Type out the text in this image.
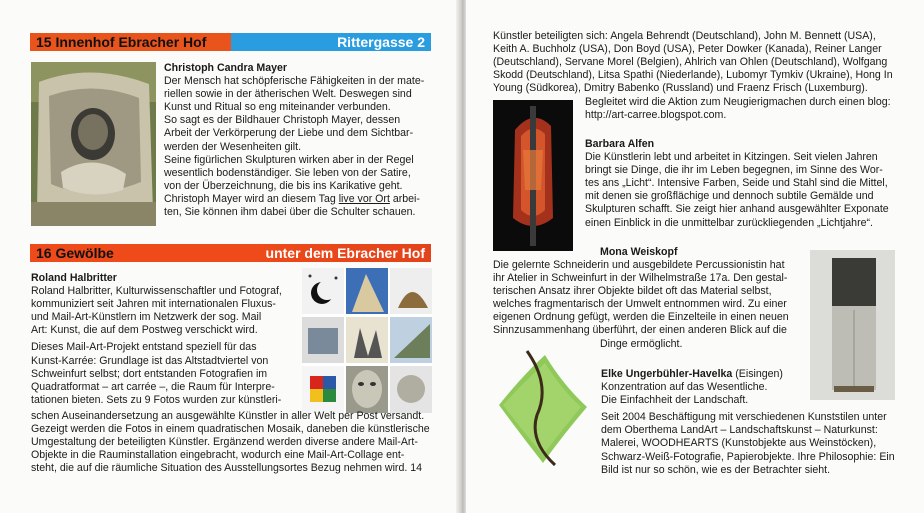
15 Innenhof Ebracher Hof	Rittergasse 2

Christoph Candra Mayer

Der Mensch hat schöpferische Fähigkeiten in der mate-

riellen sowie in der ätherischen Welt. Deswegen sind

Kunst und Ritual so eng miteinander verbunden.

So sagt es der Bildhauer Christoph Mayer, dessen

Arbeit der Verkörperung der Liebe und dem Sichtbar-

werden der Wesenheiten gilt.

Seine figürlichen Skulpturen wirken aber in der Regel

wesentlich bodenständiger. Sie leben von der Satire,

von der Überzeichnung, die bis ins Karikative geht.

Christoph Mayer wird an diesem Tag live vor Ort arbei-

ten, Sie können ihm dabei über die Schulter schauen.

16 Gewölbe	unter dem Ebracher Hof

Roland Halbritter

Roland Halbritter, Kulturwissenschaftler und Fotograf,

kommuniziert seit Jahren mit internationalen Fluxus-

und Mail-Art-Künstlern im Netzwerk der sog. Mail

Art: Kunst, die auf dem Postweg verschickt wird.

Dieses Mail-Art-Projekt entstand speziell für das

Kunst-Karrée: Grundlage ist das Altstadtviertel von

Schweinfurt selbst; dort entstanden Fotografien im

Quadratformat – art carrée –, die Raum für Interpre-

tationen bieten. Sets zu 9 Fotos wurden zur künstleri-

schen Auseinandersetzung an ausgewählte Künstler in aller Welt per Post versandt.

Gezeigt werden die Fotos in einem quadratischen Mosaik, daneben die künstlerische

Umgestaltung der beteiligten Künstler. Ergänzend werden diverse andere Mail-Art-

Objekte in die Rauminstallation eingebracht, wodurch eine Mail-Art-Collage ent-

steht, die auf die räumliche Situation des Ausstellungsortes Bezug nehmen wird. 14

Künstler beteiligten sich: Angela Behrendt (Deutschland), John M. Bennett (USA),

Keith A. Buchholz (USA), Don Boyd (USA), Peter Dowker (Kanada), Reiner Langer

(Deutschland), Servane Morel (Belgien), Ahlrich van Ohlen (Deutschland), Wolfgang

Skodd (Deutschland), Litsa Spathi (Niederlande), Lubomyr Tymkiv (Ukraine), Hong In

Young (Südkorea), Dmitry Babenko (Russland) und Fraenz Frisch (Luxemburg).

Begleitet wird die Aktion zum Neugierigmachen durch einen blog:

http://art-carree.blogspot.com.

Barbara Alfen

Die Künstlerin lebt und arbeitet in Kitzingen. Seit vielen Jahren

bringt sie Dinge, die ihr im Leben begegnen, im Sinne des Wor-

tes ans „Licht“. Intensive Farben, Seide und Stahl sind die Mittel,

mit denen sie großflächige und dennoch subtile Gemälde und

Skulpturen schafft. Sie zeigt hier anhand ausgewählter Exponate

einen Einblick in die unmittelbar zurückliegenden „Lichtjahre“.

Mona Weiskopf

Die gelernte Schneiderin und ausgebildete Percussionistin hat

ihr Atelier in Schweinfurt in der Wilhelmstraße 17a. Den gestal-

terischen Ansatz ihrer Objekte bildet oft das Material selbst,

welches fragmentarisch der Umwelt entnommen wird. Zu einer

eigenen Ordnung gefügt, werden die Einzelteile in einen neuen

Sinnzusammenhang überführt, der einen anderen Blick auf die

Dinge ermöglicht.

Elke Ungerbühler-Havelka (Eisingen)

Konzentration auf das Wesentliche.

Die Einfachheit der Landschaft.

Seit 2004 Beschäftigung mit verschiedenen Kunststilen unter

dem Oberthema LandArt – Landschaftskunst – Naturkunst:

Malerei, WOODHEARTS (Kunstobjekte aus Weinstöcken),

Schwarz-Weiß-Fotografie, Papierobjekte. Ihre Philosophie: Ein

Bild ist nur so schön, wie es der Betrachter sieht.
